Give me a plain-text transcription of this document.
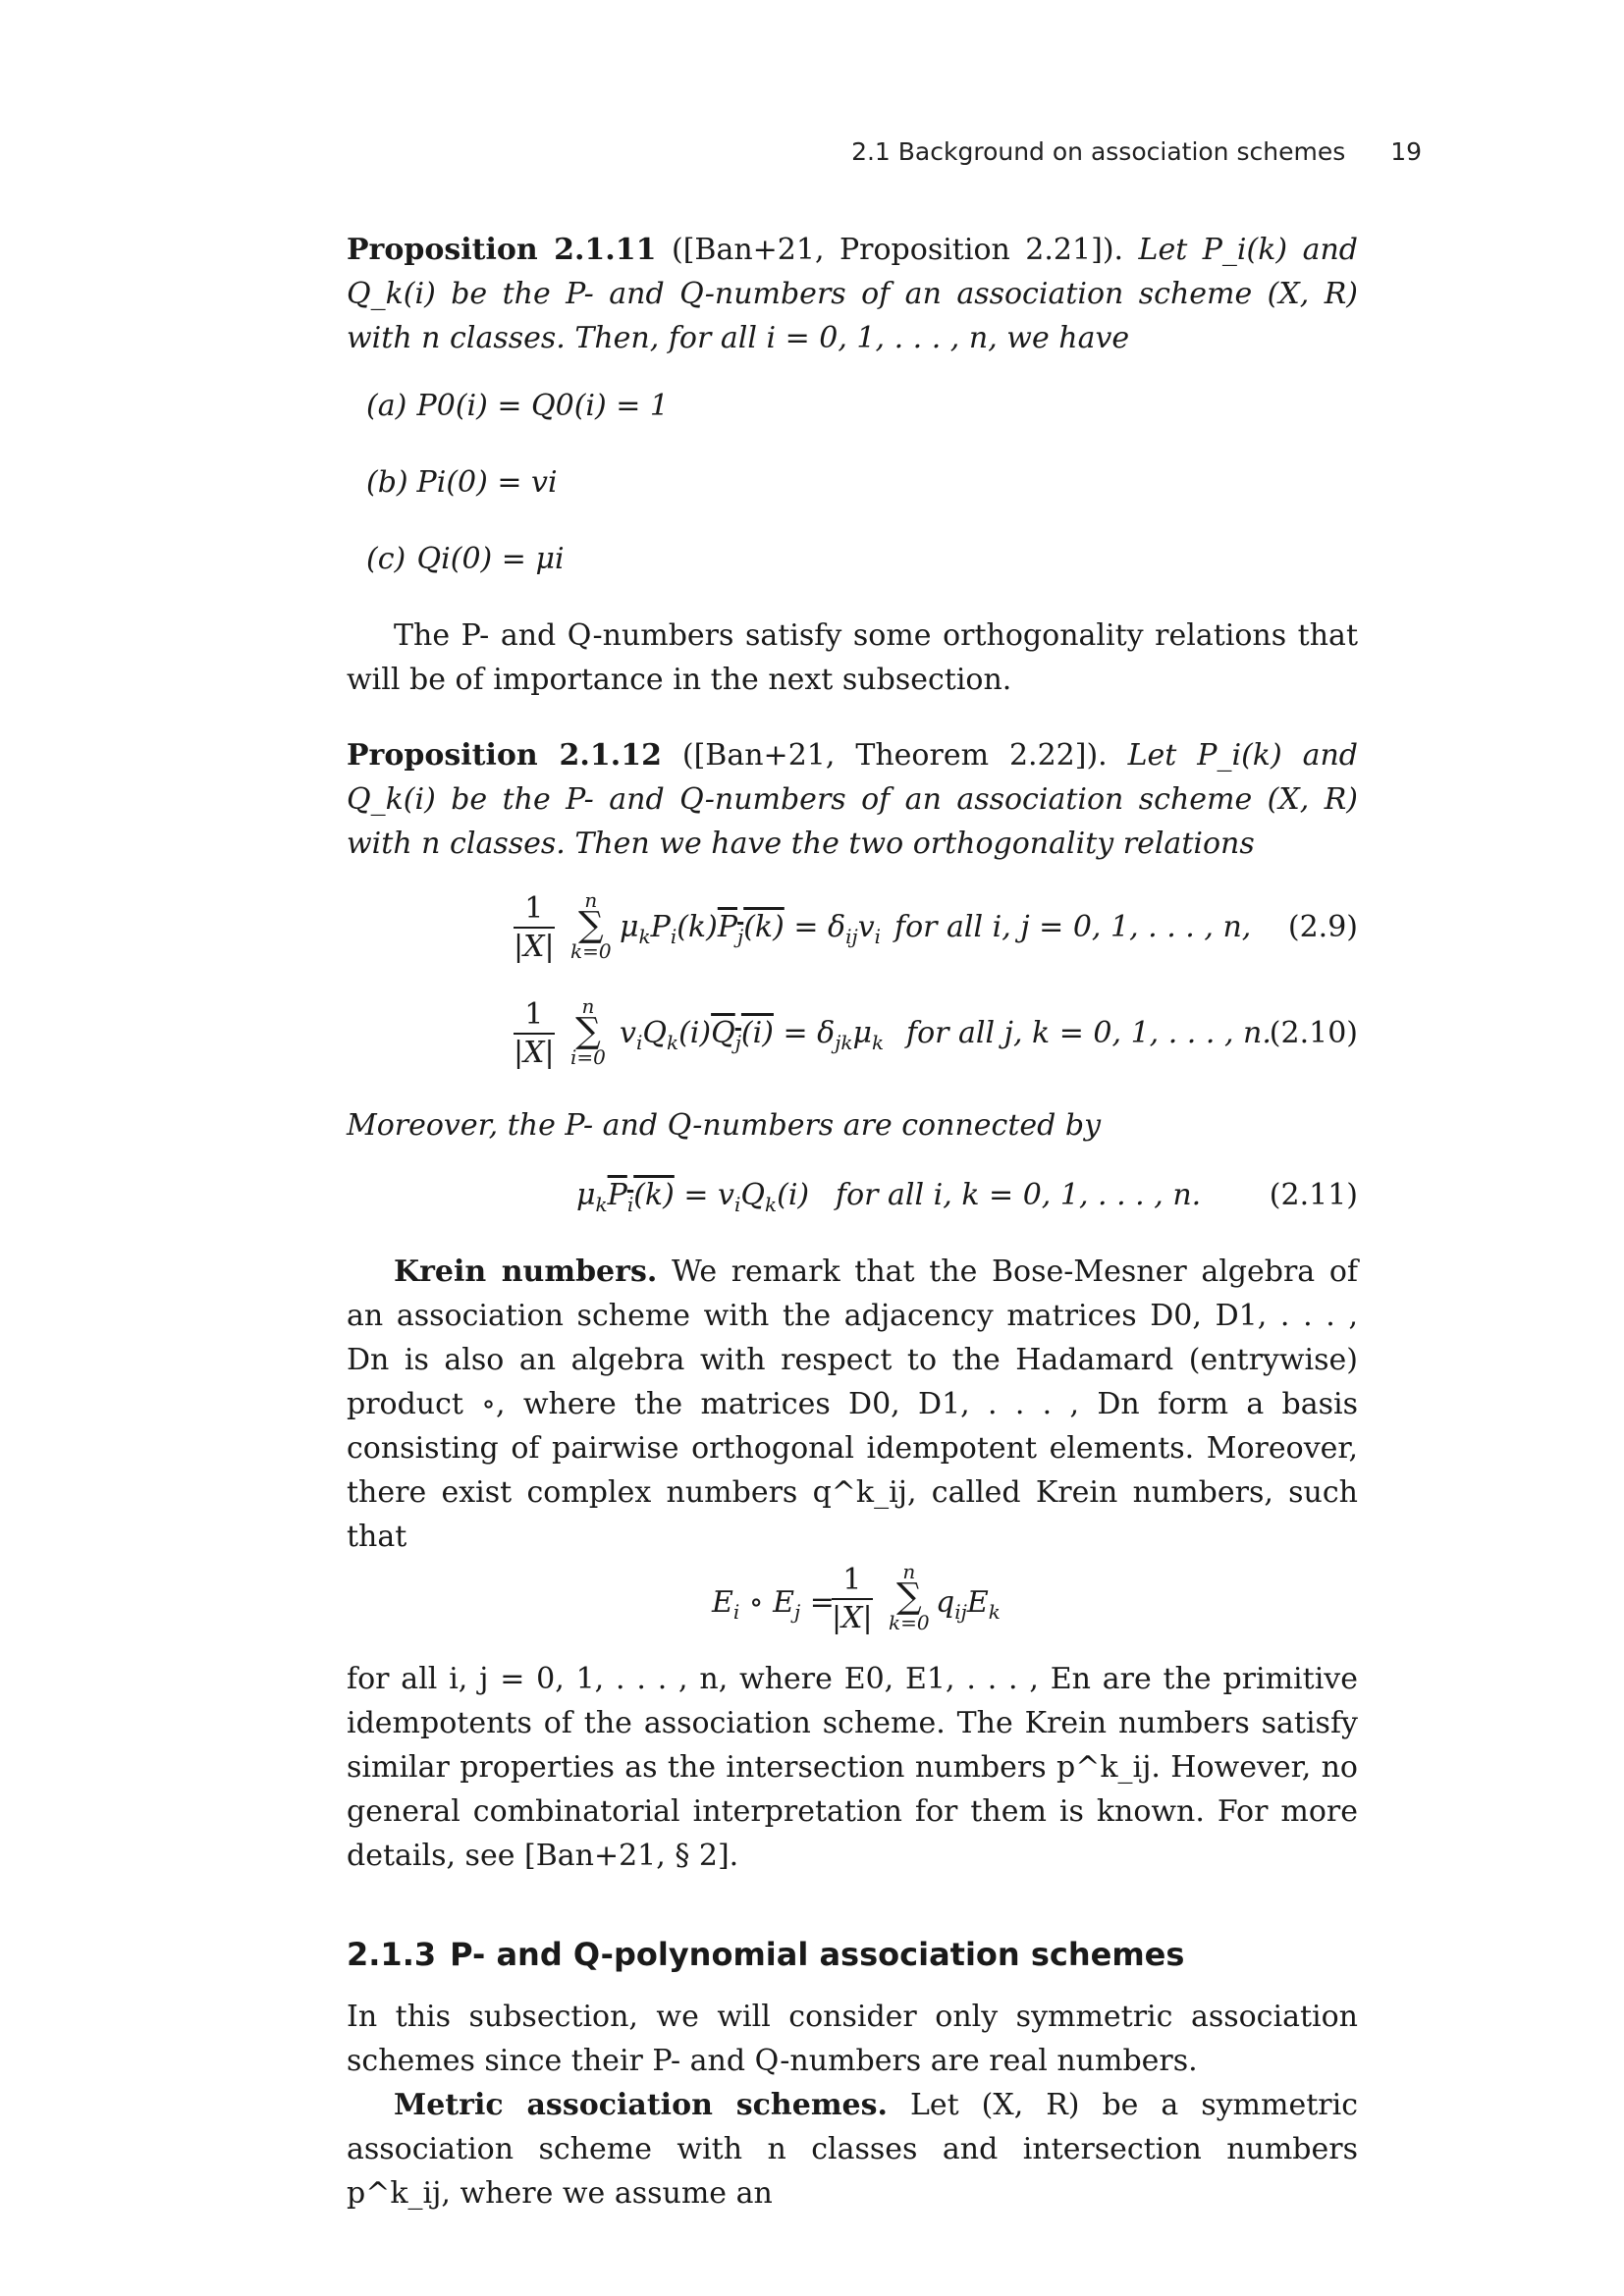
2.1 Background on association schemes 19

Proposition 2.1.11 ([Ban+21, Proposition 2.21]). Let P_i(k) and Q_k(i) be the P- and Q-numbers of an association scheme (X, R) with n classes. Then, for all i = 0, 1, . . . , n, we have

(a) P0(i) = Q0(i) = 1
(b) Pi(0) = vi
(c) Qi(0) = μi

The P- and Q-numbers satisfy some orthogonality relations that will be of importance in the next subsection.

Proposition 2.1.12 ([Ban+21, Theorem 2.22]). Let P_i(k) and Q_k(i) be the P- and Q-numbers of an association scheme (X, R) with n classes. Then we have the two orthogonality relations

$\frac{1}{|X|}$	n
∑
k=0
$\mu_kP_i(k)P_j(k) = \delta_{ij}v_i$ for all i, j = 0, 1, . . . , n, (2.9)
$\frac{1}{|X|}$	n
∑
i=0
$v_iQ_k(i)Q_j(i) = \delta_{jk}\mu_k$ for all j, k = 0, 1, . . . , n.
(2.10)

Moreover, the P- and Q-numbers are connected by

$\mu_kP_i(k) = v_iQ_k(i)$ for all i, k = 0, 1, . . . , n. (2.11)

Krein numbers. We remark that the Bose-Mesner algebra of an association scheme with the adjacency matrices D0, D1, . . . , Dn is also an algebra with respect to the Hadamard (entrywise) product ∘, where the matrices D0, D1, . . . , Dn form a basis consisting of pairwise orthogonal idempotent elements. Moreover, there exist complex numbers q^k_ij, called Krein numbers, such that

$E_i$ ∘ $E_j$ =
$\frac{1}{|X|}$	n
∑
k=0
$q_{ij}E_k$

for all i, j = 0, 1, . . . , n, where E0, E1, . . . , En are the primitive idempotents of the association scheme. The Krein numbers satisfy similar properties as the intersection numbers p^k_ij. However, no general combinatorial interpretation for them is known. For more details, see [Ban+21, § 2].

2.1.3 P- and Q-polynomial association schemes

In this subsection, we will consider only symmetric association schemes since their P- and Q-numbers are real numbers.

Metric association schemes. Let (X, R) be a symmetric association scheme with n classes and intersection numbers p^k_ij, where we assume an
